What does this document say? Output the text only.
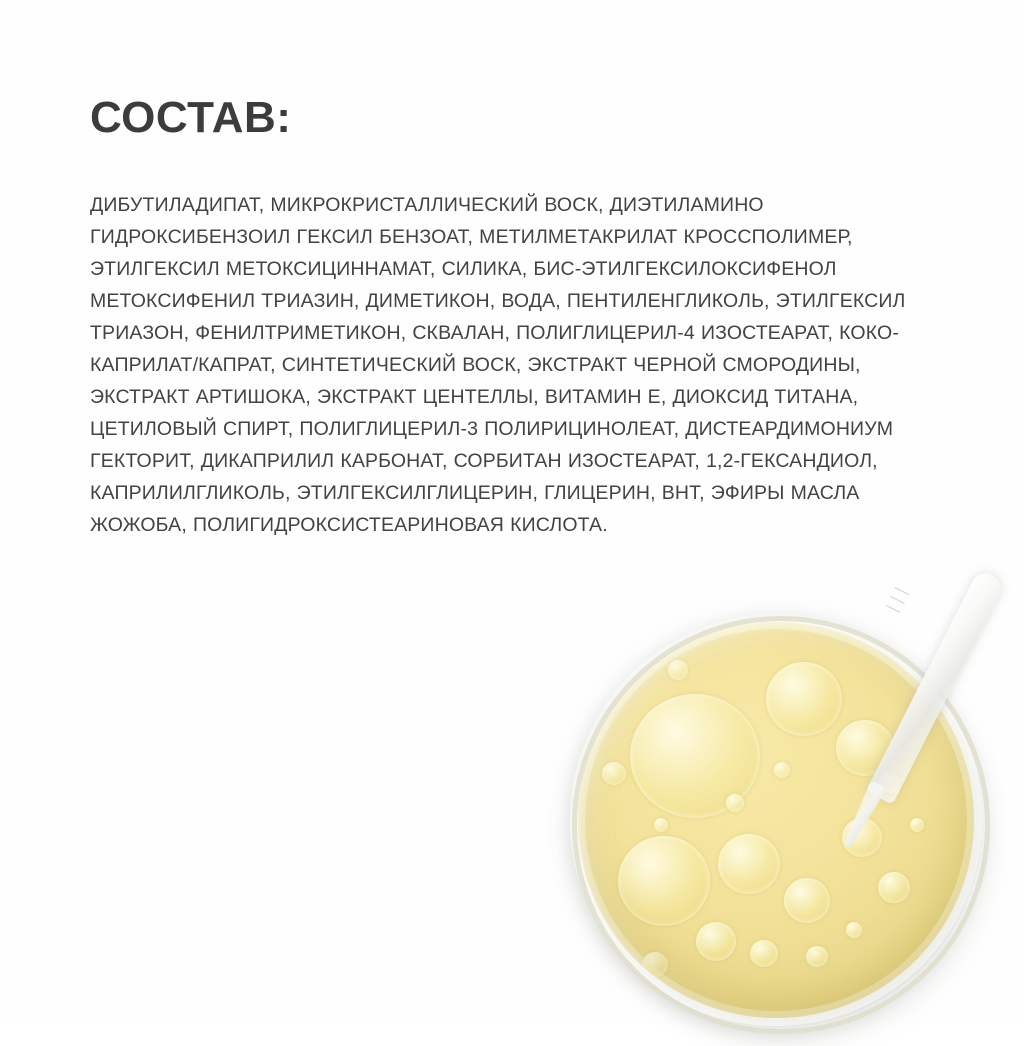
СОСТАВ:

ДИБУТИЛАДИПАТ, МИКРОКРИСТАЛЛИЧЕСКИЙ ВОСК, ДИЭТИЛАМИНО ГИДРОКСИБЕНЗОИЛ ГЕКСИЛ БЕНЗОАТ, МЕТИЛМЕТАКРИЛАТ КРОССПОЛИМЕР, ЭТИЛГЕКСИЛ МЕТОКСИЦИННАМАТ, СИЛИКА, БИС-ЭТИЛГЕКСИЛОКСИФЕНОЛ МЕТОКСИФЕНИЛ ТРИАЗИН, ДИМЕТИКОН, ВОДА, ПЕНТИЛЕНГЛИКОЛЬ, ЭТИЛГЕКСИЛ ТРИАЗОН, ФЕНИЛТРИМЕТИКОН, СКВАЛАН, ПОЛИГЛИЦЕРИЛ-4 ИЗОСТЕАРАТ, КОКО-КАПРИЛАТ/КАПРАТ, СИНТЕТИЧЕСКИЙ ВОСК, ЭКСТРАКТ ЧЕРНОЙ СМОРОДИНЫ, ЭКСТРАКТ АРТИШОКА, ЭКСТРАКТ ЦЕНТЕЛЛЫ, ВИТАМИН Е, ДИОКСИД ТИТАНА, ЦЕТИЛОВЫЙ СПИРТ, ПОЛИГЛИЦЕРИЛ-3 ПОЛИРИЦИНОЛЕАТ, ДИСТЕАРДИМОНИУМ ГЕКТОРИТ, ДИКАПРИЛИЛ КАРБОНАТ, СОРБИТАН ИЗОСТЕАРАТ, 1,2-ГЕКСАНДИОЛ, КАПРИЛИЛГЛИКОЛЬ, ЭТИЛГЕКСИЛГЛИЦЕРИН, ГЛИЦЕРИН, BHT, ЭФИРЫ МАСЛА ЖОЖОБА, ПОЛИГИДРОКСИСТЕАРИНОВАЯ КИСЛОТА.
